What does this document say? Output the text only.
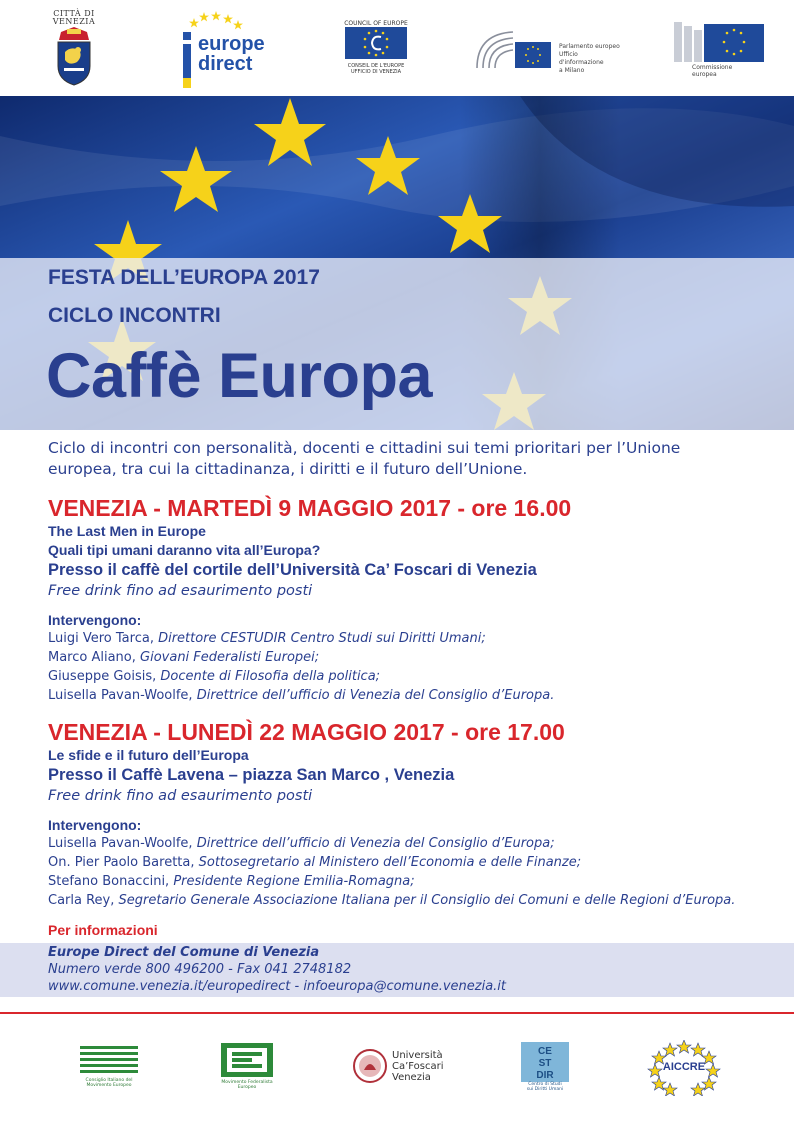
CITTÀ DI
VENEZIA
europe
direct
COUNCIL OF EUROPE
CONSEIL DE L'EUROPE
UFFICIO DI VENEZIA
Parlamento europeo
Ufficio d'informazione
a Milano	Commissione
europea
FESTA DELL’EUROPA 2017
CICLO INCONTRI
Caffè Europa
Ciclo di incontri con personalità, docenti e cittadini sui temi prioritari per l’Unione europea, tra cui la cittadinanza, i diritti e il futuro dell’Unione.
VENEZIA - MARTEDÌ 9 MAGGIO 2017 - ore 16.00
The Last Men in Europe
Quali tipi umani daranno vita all’Europa?
Presso il caffè del cortile dell’Università Ca’ Foscari di Venezia
Free drink fino ad esaurimento posti
Intervengono:
Luigi Vero Tarca, Direttore CESTUDIR Centro Studi sui Diritti Umani;
Marco Aliano, Giovani Federalisti Europei;
Giuseppe Goisis, Docente di Filosofia della politica;
Luisella Pavan-Woolfe, Direttrice dell’ufficio di Venezia del Consiglio d’Europa.
VENEZIA - LUNEDÌ 22 MAGGIO 2017 - ore 17.00
Le sfide e il futuro dell’Europa
Presso il Caffè Lavena – piazza San Marco , Venezia
Free drink fino ad esaurimento posti
Intervengono:
Luisella Pavan-Woolfe, Direttrice dell’ufficio di Venezia del Consiglio d’Europa;
On. Pier Paolo Baretta, Sottosegretario al Ministero dell’Economia e delle Finanze;
Stefano Bonaccini, Presidente Regione Emilia-Romagna;
Carla Rey, Segretario Generale Associazione Italiana per il Consiglio dei Comuni e delle Regioni d’Europa.
Per informazioni
Europe Direct del Comune di Venezia
Numero verde 800 496200 - Fax 041 2748182
www.comune.venezia.it/europedirect - infoeuropa@comune.venezia.it
Consiglio Italiano del
Movimento Europeo
Movimento Federalista Europeo
Università
Ca’Foscari
Venezia
CE
ST
DIR
Centro di Studi
sui Diritti Umani
AICCRE
